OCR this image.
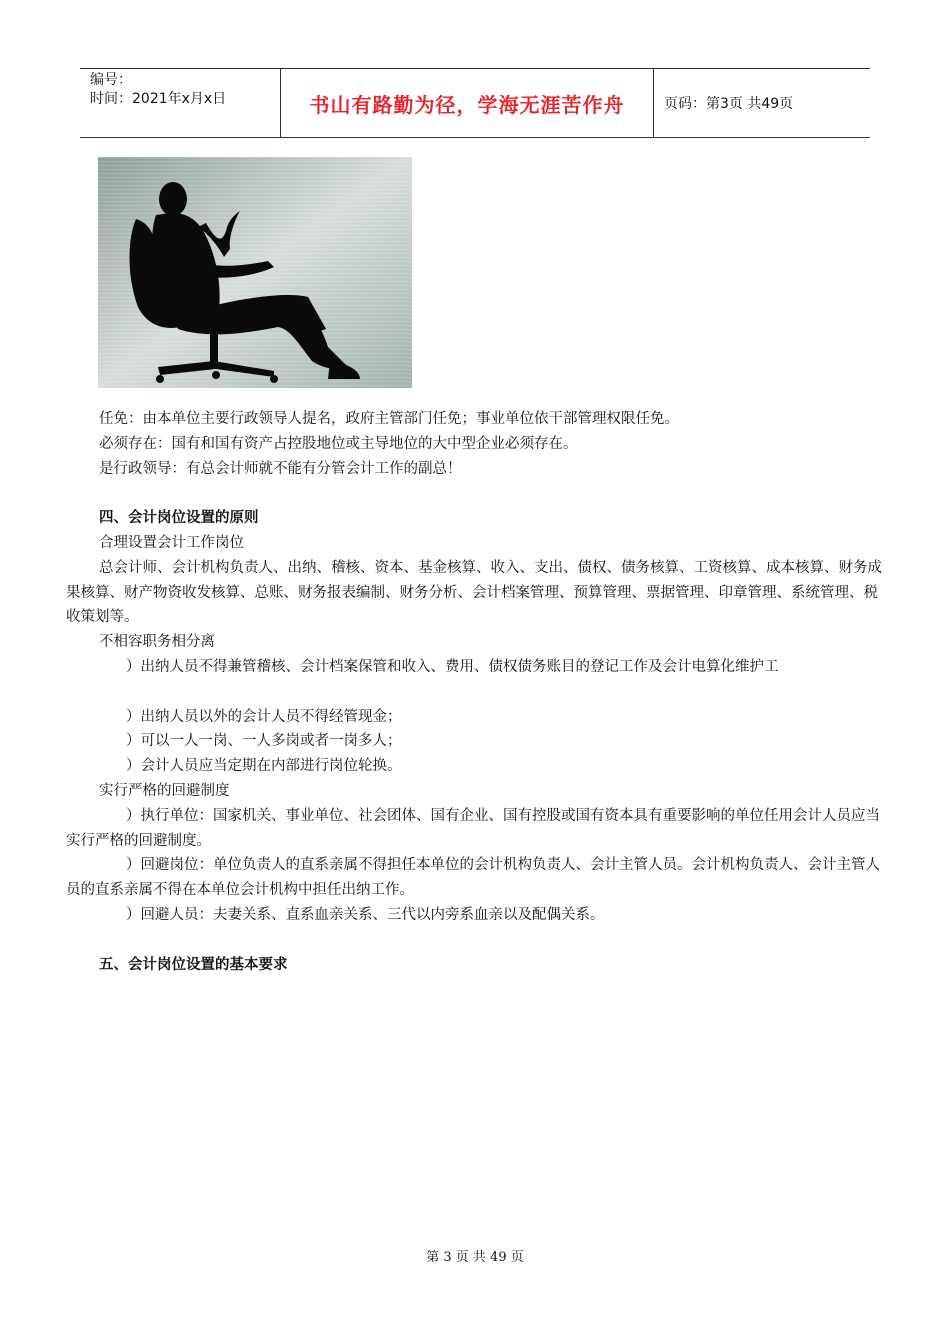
编号：
时间：2021年x月x日	书山有路勤为径，学海无涯苦作舟	页码：第3页 共49页

任免：由本单位主要行政领导人提名，政府主管部门任免；事业单位依干部管理权限任免。

必须存在：国有和国有资产占控股地位或主导地位的大中型企业必须存在。

是行政领导：有总会计师就不能有分管会计工作的副总！

四、会计岗位设置的原则

合理设置会计工作岗位

总会计师、会计机构负责人、出纳、稽核、资本、基金核算、收入、支出、债权、债务核算、工资核算、成本核算、财务成果核算、财产物资收发核算、总账、财务报表编制、财务分析、会计档案管理、预算管理、票据管理、印章管理、系统管理、税收策划等。

不相容职务相分离

）出纳人员不得兼管稽核、会计档案保管和收入、费用、债权债务账目的登记工作及会计电算化维护工

）出纳人员以外的会计人员不得经管现金；

）可以一人一岗、一人多岗或者一岗多人；

）会计人员应当定期在内部进行岗位轮换。

实行严格的回避制度

）执行单位：国家机关、事业单位、社会团体、国有企业、国有控股或国有资本具有重要影响的单位任用会计人员应当实行严格的回避制度。

）回避岗位：单位负责人的直系亲属不得担任本单位的会计机构负责人、会计主管人员。会计机构负责人、会计主管人员的直系亲属不得在本单位会计机构中担任出纳工作。

）回避人员：夫妻关系、直系血亲关系、三代以内旁系血亲以及配偶关系。

五、会计岗位设置的基本要求

第 3 页 共 49 页
